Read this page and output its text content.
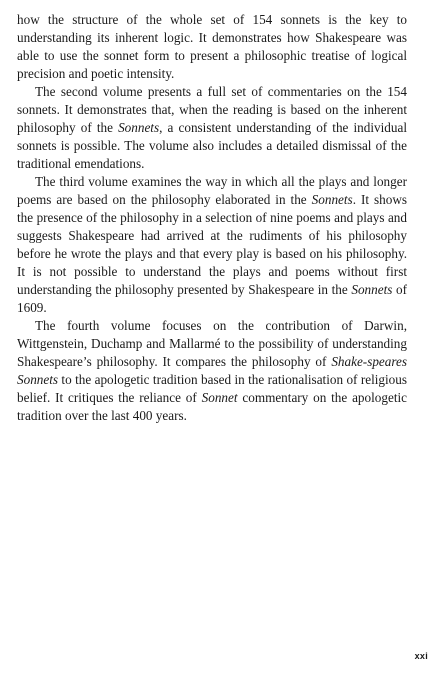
how the structure of the whole set of 154 sonnets is the key to understanding its inherent logic. It demonstrates how Shakespeare was able to use the sonnet form to present a philosophic treatise of logical precision and poetic intensity.

The second volume presents a full set of commentaries on the 154 sonnets. It demonstrates that, when the reading is based on the inherent philosophy of the Sonnets, a consistent understanding of the individual sonnets is possible. The volume also includes a detailed dismissal of the traditional emendations.

The third volume examines the way in which all the plays and longer poems are based on the philosophy elaborated in the Sonnets. It shows the presence of the philosophy in a selection of nine poems and plays and suggests Shakespeare had arrived at the rudiments of his philosophy before he wrote the plays and that every play is based on his philosophy. It is not possible to understand the plays and poems without first understanding the philosophy presented by Shakespeare in the Sonnets of 1609.

The fourth volume focuses on the contribution of Darwin, Wittgenstein, Duchamp and Mallarmé to the possibility of understanding Shakespeare’s philosophy. It compares the philosophy of Shake-speares Sonnets to the apologetic tradition based in the rationalisation of religious belief. It critiques the reliance of Sonnet commentary on the apologetic tradition over the last 400 years.

xxi
